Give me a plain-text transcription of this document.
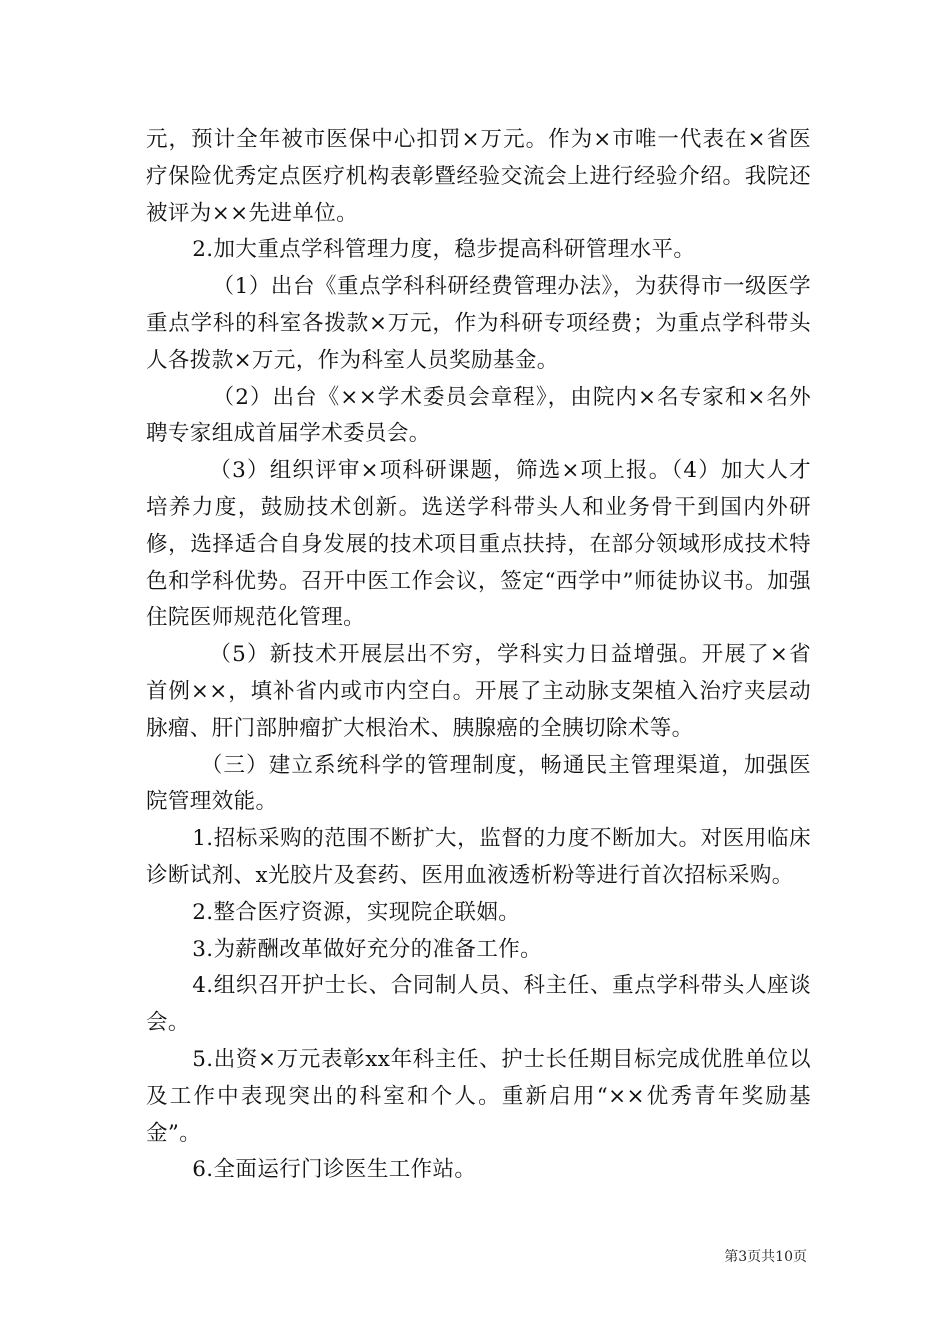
元，预计全年被市医保中心扣罚×万元。作为×市唯一代表在×省医疗保险优秀定点医疗机构表彰暨经验交流会上进行经验介绍。我院还被评为××先进单位。

2.加大重点学科管理力度，稳步提高科研管理水平。

（1）出台《重点学科科研经费管理办法》，为获得市一级医学重点学科的科室各拨款×万元，作为科研专项经费；为重点学科带头人各拨款×万元，作为科室人员奖励基金。

（2）出台《××学术委员会章程》，由院内×名专家和×名外聘专家组成首届学术委员会。

（3）组织评审×项科研课题，筛选×项上报。（4）加大人才培养力度，鼓励技术创新。选送学科带头人和业务骨干到国内外研修，选择适合自身发展的技术项目重点扶持，在部分领域形成技术特色和学科优势。召开中医工作会议，签定“西学中”师徒协议书。加强住院医师规范化管理。

（5）新技术开展层出不穷，学科实力日益增强。开展了×省首例××，填补省内或市内空白。开展了主动脉支架植入治疗夹层动脉瘤、肝门部肿瘤扩大根治术、胰腺癌的全胰切除术等。

（三）建立系统科学的管理制度，畅通民主管理渠道，加强医院管理效能。

1.招标采购的范围不断扩大，监督的力度不断加大。对医用临床诊断试剂、x光胶片及套药、医用血液透析粉等进行首次招标采购。

2.整合医疗资源，实现院企联姻。

3.为薪酬改革做好充分的准备工作。

4.组织召开护士长、合同制人员、科主任、重点学科带头人座谈会。

5.出资×万元表彰xx年科主任、护士长任期目标完成优胜单位以及工作中表现突出的科室和个人。重新启用“××优秀青年奖励基金”。

6.全面运行门诊医生工作站。

第3页共10页
